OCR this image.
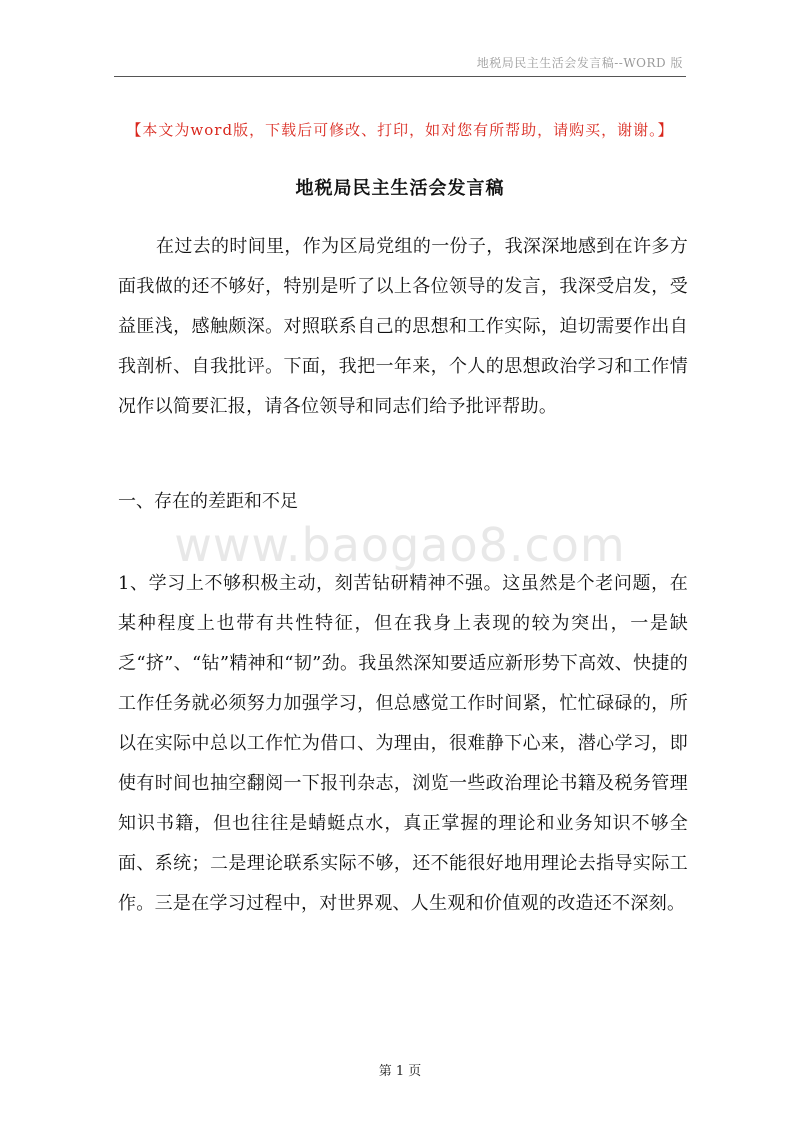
地税局民主生活会发言稿--WORD 版
【本文为word版，下载后可修改、打印，如对您有所帮助，请购买，谢谢。】
地税局民主生活会发言稿
在过去的时间里，作为区局党组的一份子，我深深地感到在许多方面我做的还不够好，特别是听了以上各位领导的发言，我深受启发，受益匪浅，感触颇深。对照联系自己的思想和工作实际，迫切需要作出自我剖析、自我批评。下面，我把一年来，个人的思想政治学习和工作情况作以简要汇报，请各位领导和同志们给予批评帮助。
一、存在的差距和不足
www.baogao8.com
1、学习上不够积极主动，刻苦钻研精神不强。这虽然是个老问题，在某种程度上也带有共性特征，但在我身上表现的较为突出，一是缺乏“挤”、“钻”精神和“韧”劲。我虽然深知要适应新形势下高效、快捷的工作任务就必须努力加强学习，但总感觉工作时间紧，忙忙碌碌的，所以在实际中总以工作忙为借口、为理由，很难静下心来，潜心学习，即使有时间也抽空翻阅一下报刊杂志，浏览一些政治理论书籍及税务管理知识书籍，但也往往是蜻蜓点水，真正掌握的理论和业务知识不够全面、系统；二是理论联系实际不够，还不能很好地用理论去指导实际工作。三是在学习过程中，对世界观、人生观和价值观的改造还不深刻。
第 1 页
